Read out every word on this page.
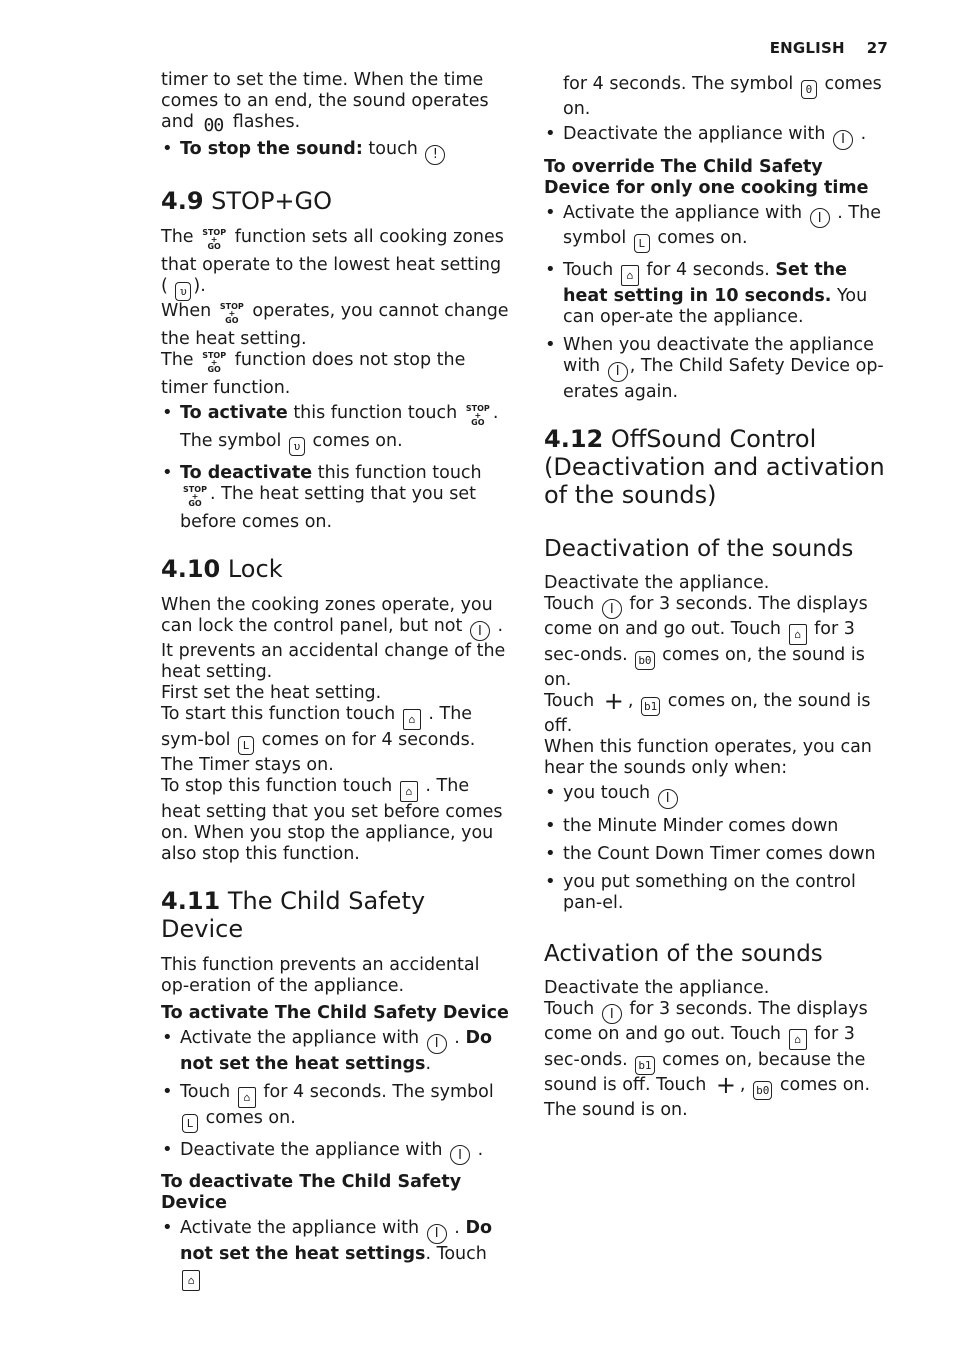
ENGLISH 27

timer to set the time. When the time comes to an end, the sound operates and 00 flashes.

• To stop the sound: touch !
4.9 STOP+GO

The STOP
+
GO function sets all cooking zones that operate to the lowest heat setting ( υ ).

When STOP
+
GO operates, you cannot change the heat setting.

The STOP
+
GO function does not stop the timer function.

• To activate this function touch STOP
+
GO . The symbol υ comes on.
• To deactivate this function touch STOP
+
GO . The heat setting that you set before comes on.
4.10 Lock

When the cooking zones operate, you can lock the control panel, but not I . It prevents an accidental change of the heat setting.

First set the heat setting.

To start this function touch ⌂ . The sym-bol L comes on for 4 seconds.

The Timer stays on.

To stop this function touch ⌂ . The heat setting that you set before comes on. When you stop the appliance, you also stop this function.

4.11 The Child Safety Device

This function prevents an accidental op-eration of the appliance.

To activate The Child Safety Device
• Activate the appliance with I . Do not set the heat settings.
• Touch ⌂ for 4 seconds. The symbol L comes on.
• Deactivate the appliance with I .
To deactivate The Child Safety Device
• Activate the appliance with I . Do not set the heat settings. Touch ⌂

for 4 seconds. The symbol 0 comes on.

• Deactivate the appliance with I .
To override The Child Safety Device for only one cooking time
• Activate the appliance with I . The symbol L comes on.
• Touch ⌂ for 4 seconds. Set the heat setting in 10 seconds. You can oper-ate the appliance.
• When you deactivate the appliance with I , The Child Safety Device op-erates again.
4.12 OffSound Control (Deactivation and activation of the sounds)
Deactivation of the sounds

Deactivate the appliance.

Touch I for 3 seconds. The displays come on and go out. Touch ⌂ for 3 sec-onds. b0 comes on, the sound is on.

Touch + , b1 comes on, the sound is off.

When this function operates, you can hear the sounds only when:

• you touch I
• the Minute Minder comes down
• the Count Down Timer comes down
• you put something on the control pan-el.
Activation of the sounds

Deactivate the appliance.

Touch I for 3 seconds. The displays come on and go out. Touch ⌂ for 3 sec-onds. b1 comes on, because the sound is off. Touch + , b0 comes on. The sound is on.
